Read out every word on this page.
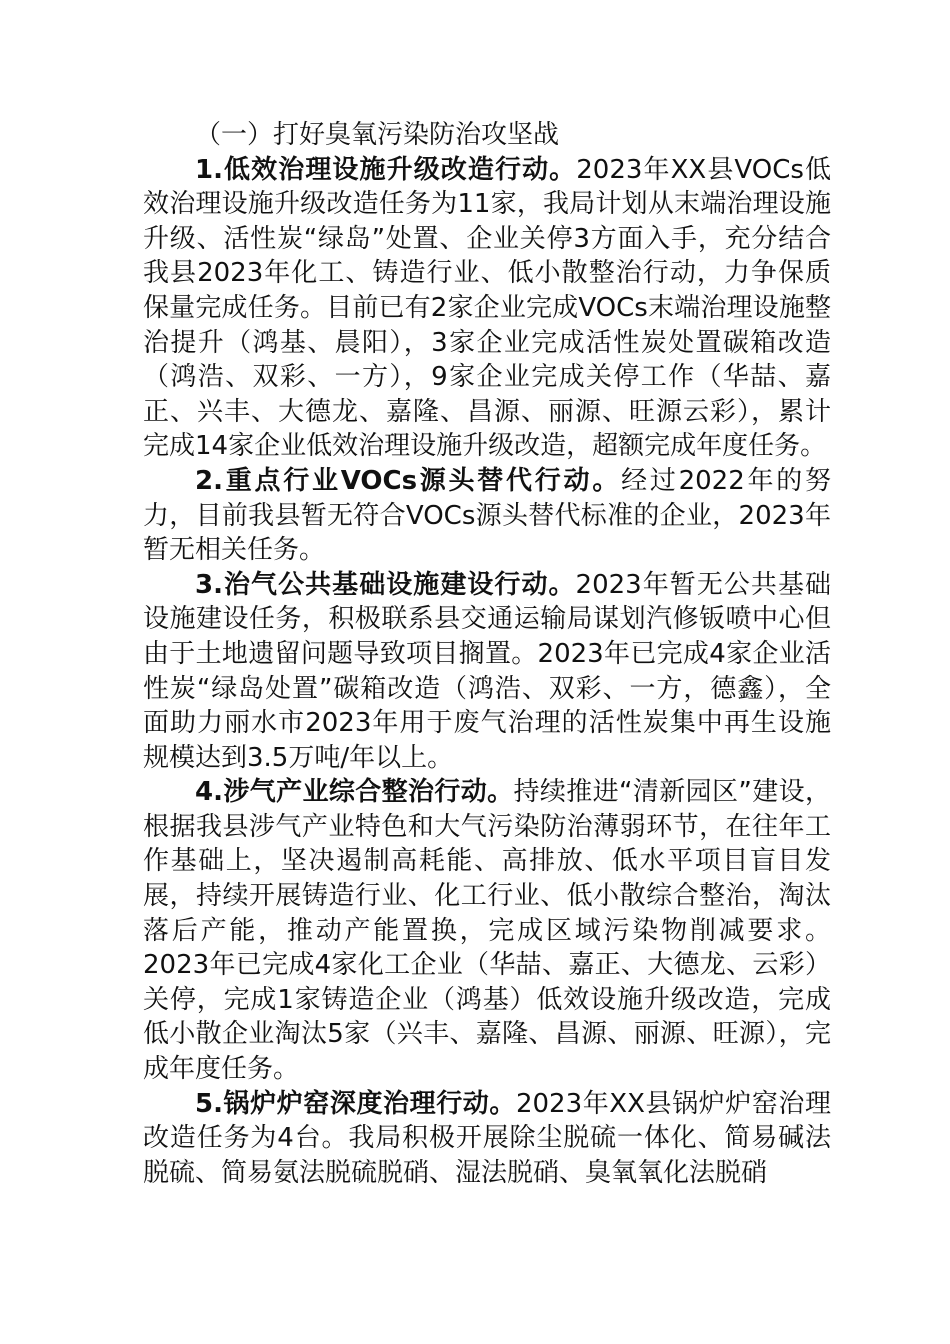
（一）打好臭氧污染防治攻坚战

1.低效治理设施升级改造行动。2023年XX县VOCs低效治理设施升级改造任务为11家，我局计划从末端治理设施升级、活性炭“绿岛”处置、企业关停3方面入手，充分结合我县2023年化工、铸造行业、低小散整治行动，力争保质保量完成任务。目前已有2家企业完成VOCs末端治理设施整治提升（鸿基、晨阳），3家企业完成活性炭处置碳箱改造（鸿浩、双彩、一方），9家企业完成关停工作（华喆、嘉正、兴丰、大德龙、嘉隆、昌源、丽源、旺源云彩），累计完成14家企业低效治理设施升级改造，超额完成年度任务。

2.重点行业VOCs源头替代行动。经过2022年的努力，目前我县暂无符合VOCs源头替代标准的企业，2023年暂无相关任务。

3.治气公共基础设施建设行动。2023年暂无公共基础设施建设任务，积极联系县交通运输局谋划汽修钣喷中心但由于土地遗留问题导致项目搁置。2023年已完成4家企业活性炭“绿岛处置”碳箱改造（鸿浩、双彩、一方，德鑫），全面助力丽水市2023年用于废气治理的活性炭集中再生设施规模达到3.5万吨/年以上。

4.涉气产业综合整治行动。持续推进“清新园区”建设，根据我县涉气产业特色和大气污染防治薄弱环节，在往年工作基础上，坚决遏制高耗能、高排放、低水平项目盲目发展，持续开展铸造行业、化工行业、低小散综合整治，淘汰落后产能，推动产能置换，完成区域污染物削减要求。2023年已完成4家化工企业（华喆、嘉正、大德龙、云彩）关停，完成1家铸造企业（鸿基）低效设施升级改造，完成低小散企业淘汰5家（兴丰、嘉隆、昌源、丽源、旺源），完成年度任务。

5.锅炉炉窑深度治理行动。2023年XX县锅炉炉窑治理改造任务为4台。我局积极开展除尘脱硫一体化、简易碱法脱硫、简易氨法脱硫脱硝、湿法脱硝、臭氧氧化法脱硝
